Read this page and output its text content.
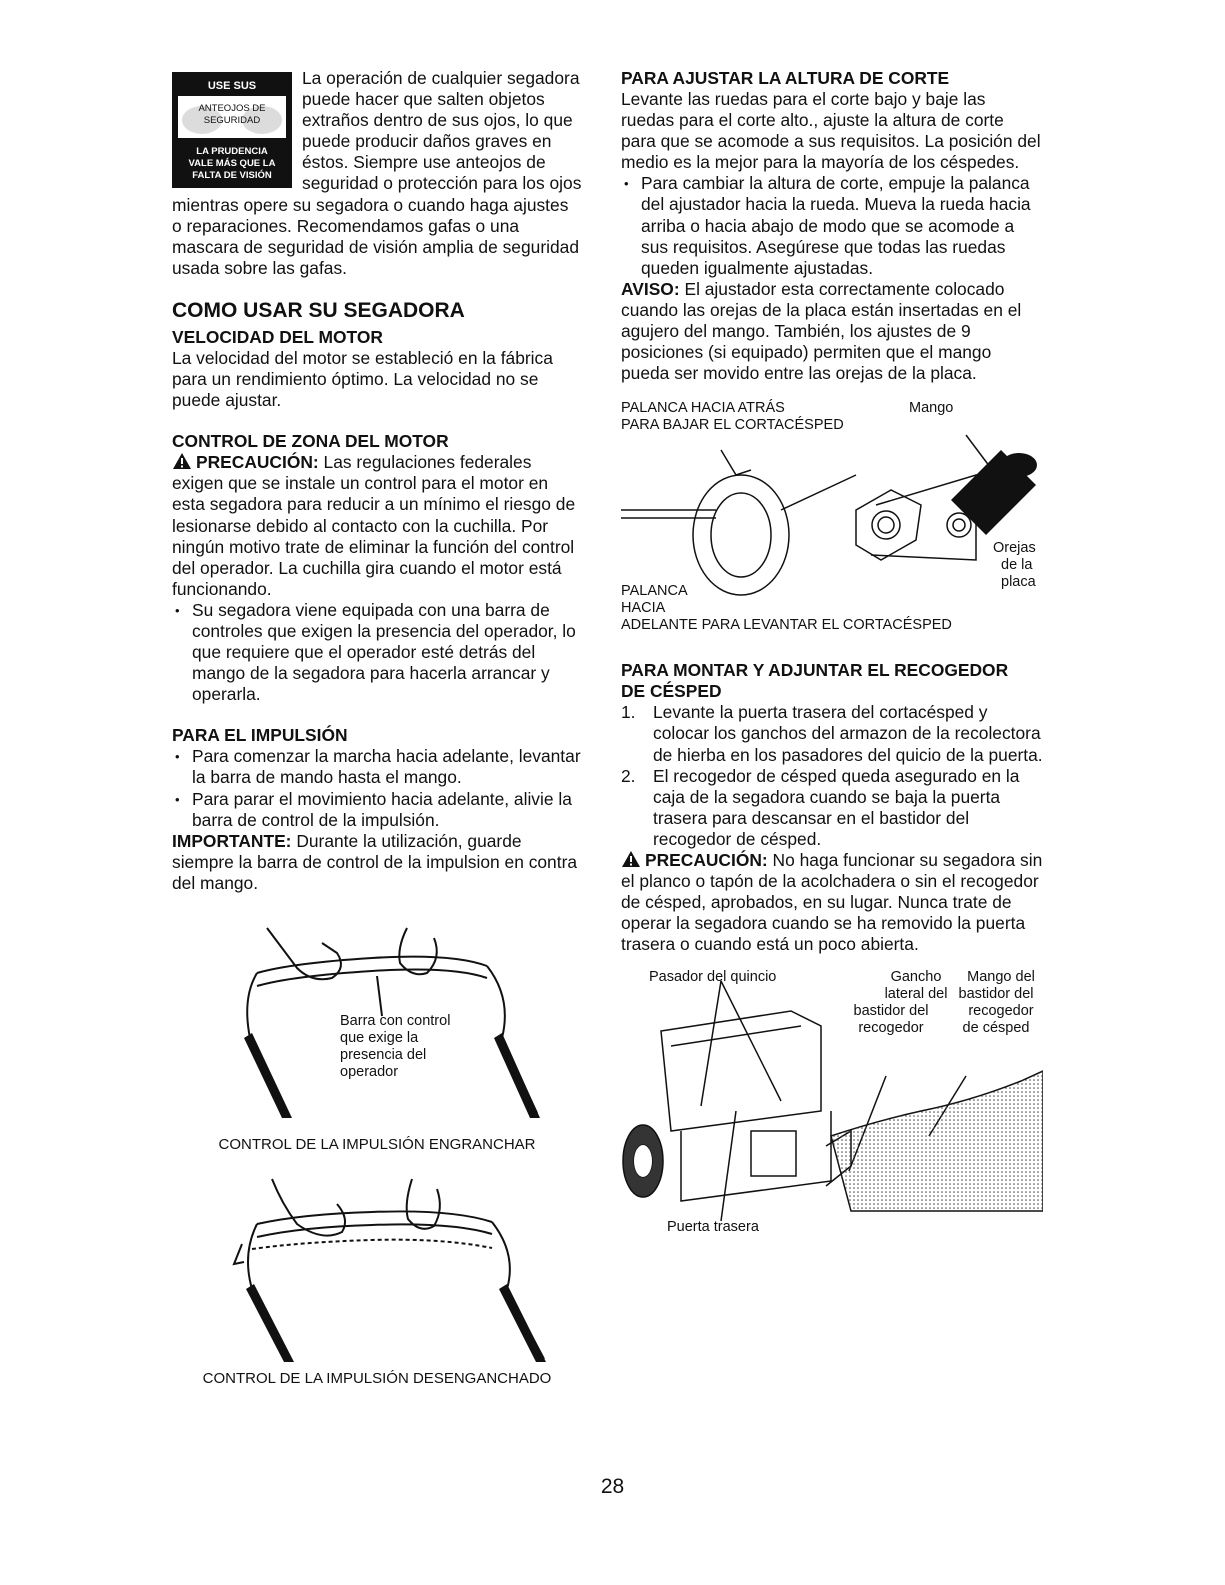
USE SUS
ANTEOJOS DE
SEGURIDAD
LA PRUDENCIA
VALE MÁS QUE LA
FALTA DE VISIÓN

La operación de cualquier segadora puede hacer que salten objetos extraños dentro de sus ojos, lo que puede producir daños graves en éstos. Siempre use anteojos de seguridad o protección para los ojos mientras opere su segadora o cuando haga ajustes o reparaciones. Recomendamos gafas o una mascara de seguridad de visión amplia de seguridad usada sobre las gafas.

COMO USAR SU SEGADORA
VELOCIDAD DEL MOTOR

La velocidad del motor se estableció en la fábrica para un rendimiento óptimo. La velocidad no se puede ajustar.

CONTROL DE ZONA DEL MOTOR

PRECAUCIÓN: Las regulaciones federales exigen que se instale un control para el motor en esta segadora para reducir a un mínimo el riesgo de lesionarse debido al contacto con la cuchilla. Por ningún motivo trate de eliminar la función del control del operador. La cuchilla gira cuando el motor está funcionando.

• Su segadora viene equipada con una barra de controles que exigen la presencia del operador, lo que requiere que el operador esté detrás del mango de la segadora para hacerla arrancar y operarla.
PARA EL IMPULSIÓN
• Para comenzar la marcha hacia adelante, levantar la barra de mando hasta el mango.
• Para parar el movimiento hacia adelante, alivie la barra de control de la impulsión.

IMPORTANTE: Durante la utilización, guarde siempre la barra de control de la impulsion en contra del mango.

Barra con control
que exige la
presencia del
operador
CONTROL DE LA IMPULSIÓN ENGRANCHAR
CONTROL DE LA IMPULSIÓN DESENGANCHADO
PARA AJUSTAR LA ALTURA DE CORTE

Levante las ruedas para el corte bajo y baje las ruedas para el corte alto., ajuste la altura de corte para que se acomode a sus requisitos. La posición del medio es la mejor para la mayoría de los céspedes.

• Para cambiar la altura de corte, empuje la palanca del ajustador hacia la rueda. Mueva la rueda hacia arriba o hacia abajo de modo que se acomode a sus requisitos. Asegúrese que todas las ruedas queden igualmente ajustadas.

AVISO: El ajustador esta correctamente colocado cuando las orejas de la placa están insertadas en el agujero del mango. También, los ajustes de 9 posiciones (si equipado) permiten que el mango pueda ser movido entre las orejas de la placa.

PALANCA HACIA ATRÁS
PARA BAJAR EL CORTACÉSPED
Mango
Orejas
de la
placa
PALANCA
HACIA
ADELANTE PARA LEVANTAR EL CORTACÉSPED
PARA MONTAR Y ADJUNTAR EL RECOGEDOR DE CÉSPED
1. Levante la puerta trasera del cortacésped y colocar los ganchos del armazon de la recolectora de hierba en los pasadores del quicio de la puerta.
2. El recogedor de césped queda asegurado en la caja de la segadora cuando se baja la puerta trasera para descansar en el bastidor del recogedor de césped.

PRECAUCIÓN: No haga funcionar su segadora sin el planco o tapón de la acolchadera o sin el recogedor de césped, aprobados, en su lugar. Nunca trate de operar la segadora cuando se ha removido la puerta trasera o cuando está un poco abierta.

Pasador del quincio	Gancho
lateral del
bastidor del
recogedor
Mango del
bastidor del
recogedor
de césped
Puerta trasera
28
